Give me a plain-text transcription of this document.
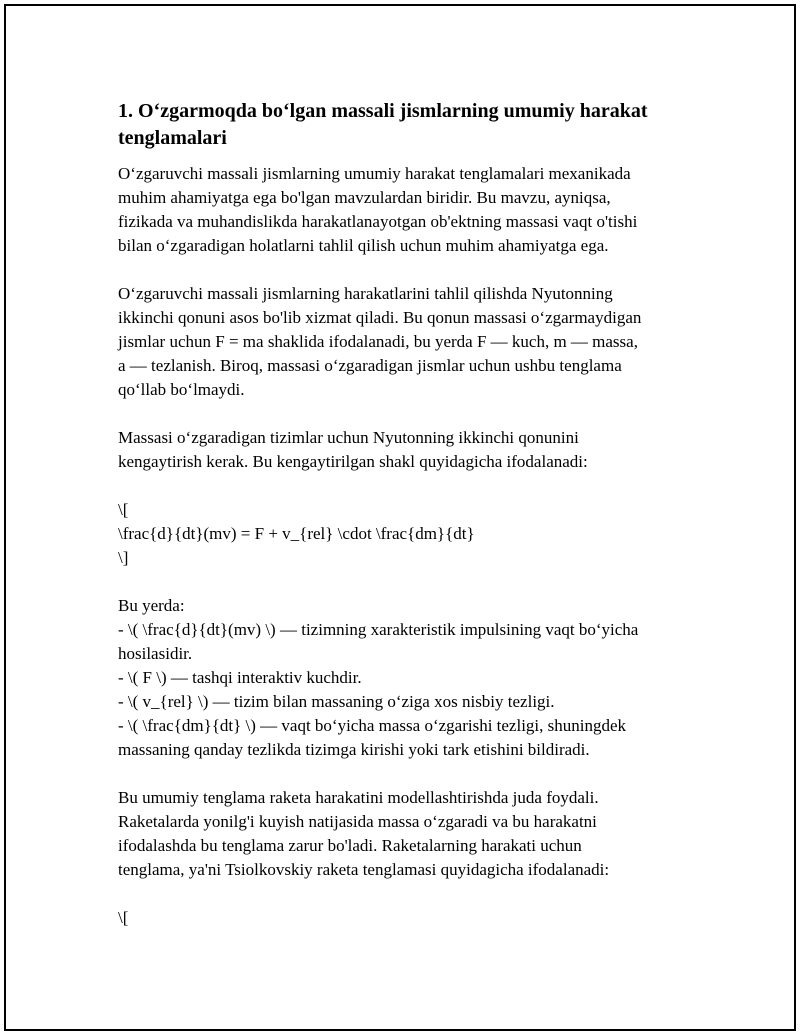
1. O‘zgarmoqda bo‘lgan massali jismlarning umumiy harakat
tenglamalari

O‘zgaruvchi massali jismlarning umumiy harakat tenglamalari mexanikada
muhim ahamiyatga ega bo'lgan mavzulardan biridir. Bu mavzu, ayniqsa,
fizikada va muhandislikda harakatlanayotgan ob'ektning massasi vaqt o'tishi
bilan o‘zgaradigan holatlarni tahlil qilish uchun muhim ahamiyatga ega.

O‘zgaruvchi massali jismlarning harakatlarini tahlil qilishda Nyutonning
ikkinchi qonuni asos bo'lib xizmat qiladi. Bu qonun massasi o‘zgarmaydigan
jismlar uchun F = ma shaklida ifodalanadi, bu yerda F — kuch, m — massa,
a — tezlanish. Biroq, massasi o‘zgaradigan jismlar uchun ushbu tenglama
qo‘llab bo‘lmaydi.

Massasi o‘zgaradigan tizimlar uchun Nyutonning ikkinchi qonunini
kengaytirish kerak. Bu kengaytirilgan shakl quyidagicha ifodalanadi:

\[
\frac{d}{dt}(mv) = F + v_{rel} \cdot \frac{dm}{dt}
\]

Bu yerda:
- \( \frac{d}{dt}(mv) \) — tizimning xarakteristik impulsining vaqt bo‘yicha
hosilasidir.
- \( F \) — tashqi interaktiv kuchdir.
- \( v_{rel} \) — tizim bilan massaning o‘ziga xos nisbiy tezligi.
- \( \frac{dm}{dt} \) — vaqt bo‘yicha massa o‘zgarishi tezligi, shuningdek
massaning qanday tezlikda tizimga kirishi yoki tark etishini bildiradi.

Bu umumiy tenglama raketa harakatini modellashtirishda juda foydali.
Raketalarda yonilg'i kuyish natijasida massa o‘zgaradi va bu harakatni
ifodalashda bu tenglama zarur bo'ladi. Raketalarning harakati uchun
tenglama, ya'ni Tsiolkovskiy raketa tenglamasi quyidagicha ifodalanadi:

\[
